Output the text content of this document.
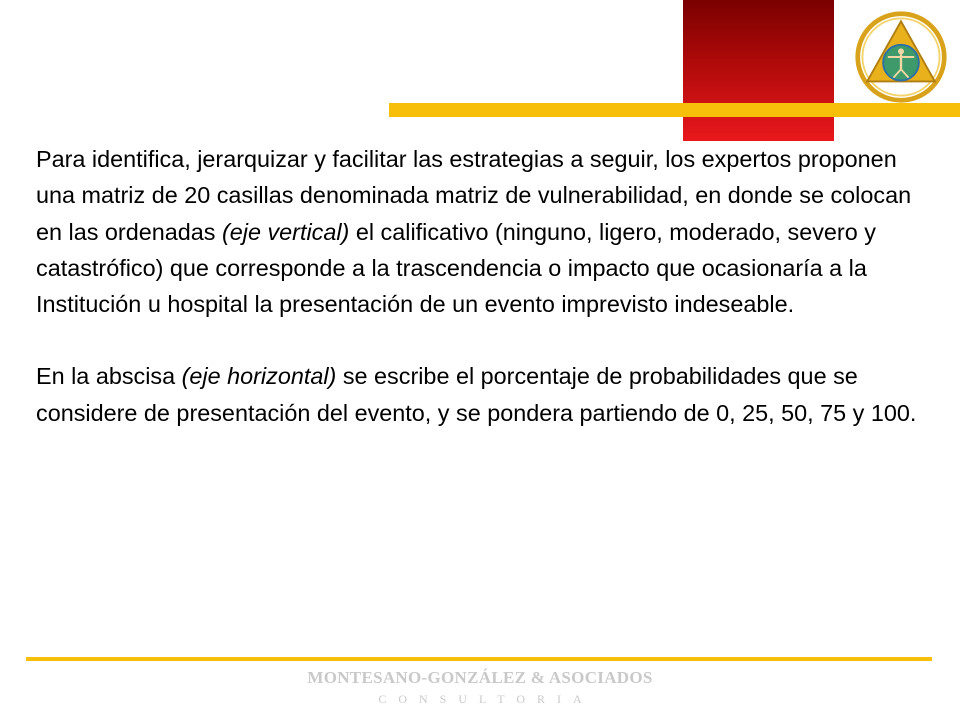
Para identifica, jerarquizar y facilitar las estrategias a seguir, los expertos proponen una matriz de 20 casillas denominada matriz de vulnerabilidad, en donde se colocan en las ordenadas (eje vertical) el calificativo (ninguno, ligero, moderado, severo y catastrófico) que corresponde a la trascendencia o impacto que ocasionaría a la Institución u hospital la presentación de un evento imprevisto indeseable.

En la abscisa (eje horizontal) se escribe el porcentaje de probabilidades que se considere de presentación del evento, y se pondera partiendo de 0, 25, 50, 75 y 100.

MONTESANO-GONZÁLEZ & ASOCIADOS
CONSULTORIA
